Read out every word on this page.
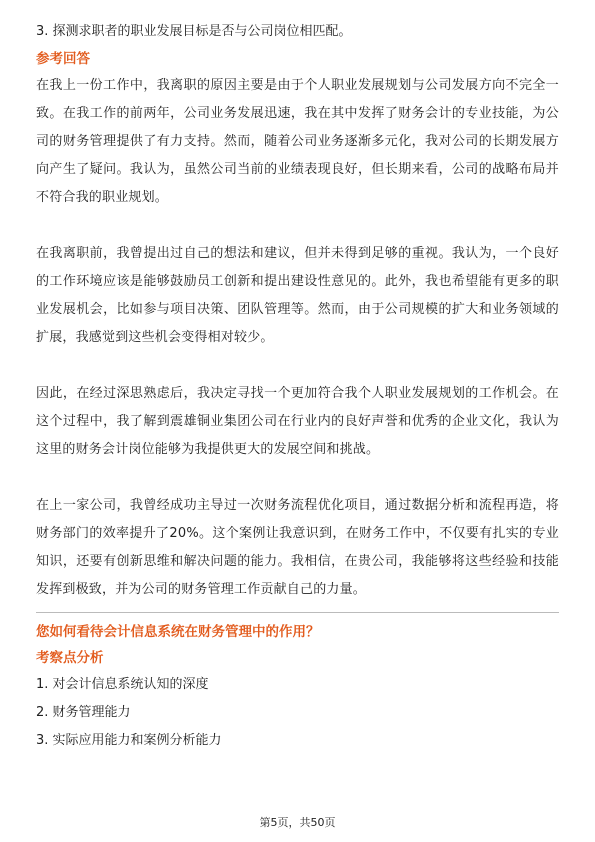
3. 探测求职者的职业发展目标是否与公司岗位相匹配。
参考回答
在我上一份工作中，我离职的原因主要是由于个人职业发展规划与公司发展方向不完全一致。在我工作的前两年，公司业务发展迅速，我在其中发挥了财务会计的专业技能，为公司的财务管理提供了有力支持。然而，随着公司业务逐渐多元化，我对公司的长期发展方向产生了疑问。我认为，虽然公司当前的业绩表现良好，但长期来看，公司的战略布局并不符合我的职业规划。
在我离职前，我曾提出过自己的想法和建议，但并未得到足够的重视。我认为，一个良好的工作环境应该是能够鼓励员工创新和提出建设性意见的。此外，我也希望能有更多的职业发展机会，比如参与项目决策、团队管理等。然而，由于公司规模的扩大和业务领域的扩展，我感觉到这些机会变得相对较少。
因此，在经过深思熟虑后，我决定寻找一个更加符合我个人职业发展规划的工作机会。在这个过程中，我了解到震雄铜业集团公司在行业内的良好声誉和优秀的企业文化，我认为这里的财务会计岗位能够为我提供更大的发展空间和挑战。
在上一家公司，我曾经成功主导过一次财务流程优化项目，通过数据分析和流程再造，将财务部门的效率提升了20%。这个案例让我意识到，在财务工作中，不仅要有扎实的专业知识，还要有创新思维和解决问题的能力。我相信，在贵公司，我能够将这些经验和技能发挥到极致，并为公司的财务管理工作贡献自己的力量。
您如何看待会计信息系统在财务管理中的作用？
考察点分析
1. 对会计信息系统认知的深度
2. 财务管理能力
3. 实际应用能力和案例分析能力
第5页，共50页
